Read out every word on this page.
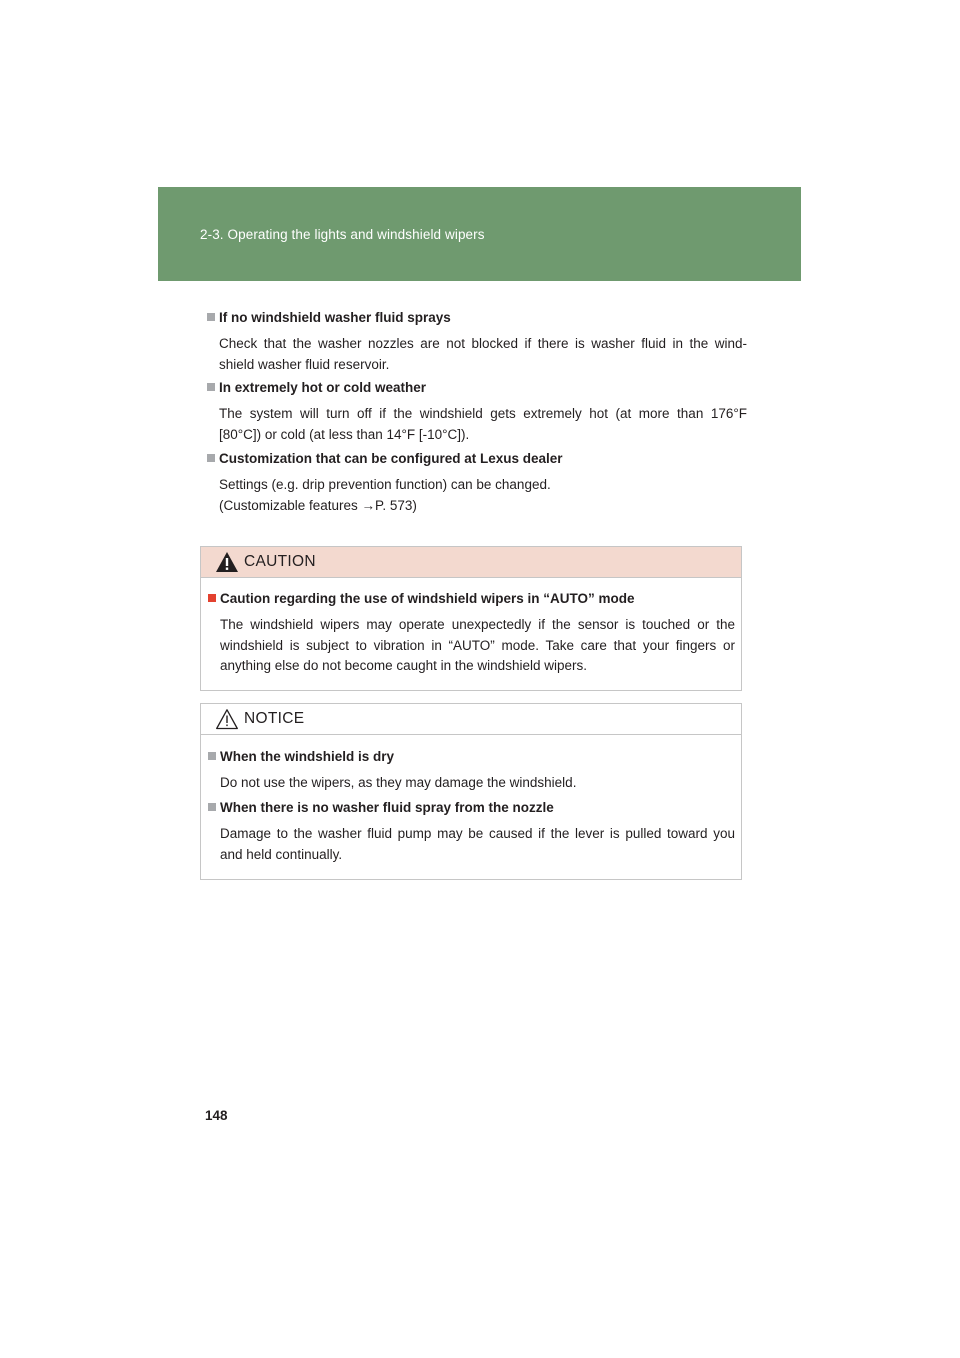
2-3. Operating the lights and windshield wipers
If no windshield washer fluid sprays
Check that the washer nozzles are not blocked if there is washer fluid in the wind-
shield washer fluid reservoir.
In extremely hot or cold weather
The system will turn off if the windshield gets extremely hot (at more than 176°F
[80°C]) or cold (at less than 14°F [-10°C]).
Customization that can be configured at Lexus dealer
Settings (e.g. drip prevention function) can be changed.
(Customizable features →P. 573)
CAUTION
Caution regarding the use of windshield wipers in “AUTO” mode
The windshield wipers may operate unexpectedly if the sensor is touched or the
windshield is subject to vibration in “AUTO” mode. Take care that your fingers or
anything else do not become caught in the windshield wipers.
NOTICE
When the windshield is dry
Do not use the wipers, as they may damage the windshield.
When there is no washer fluid spray from the nozzle
Damage to the washer fluid pump may be caused if the lever is pulled toward you
and held continually.
148
